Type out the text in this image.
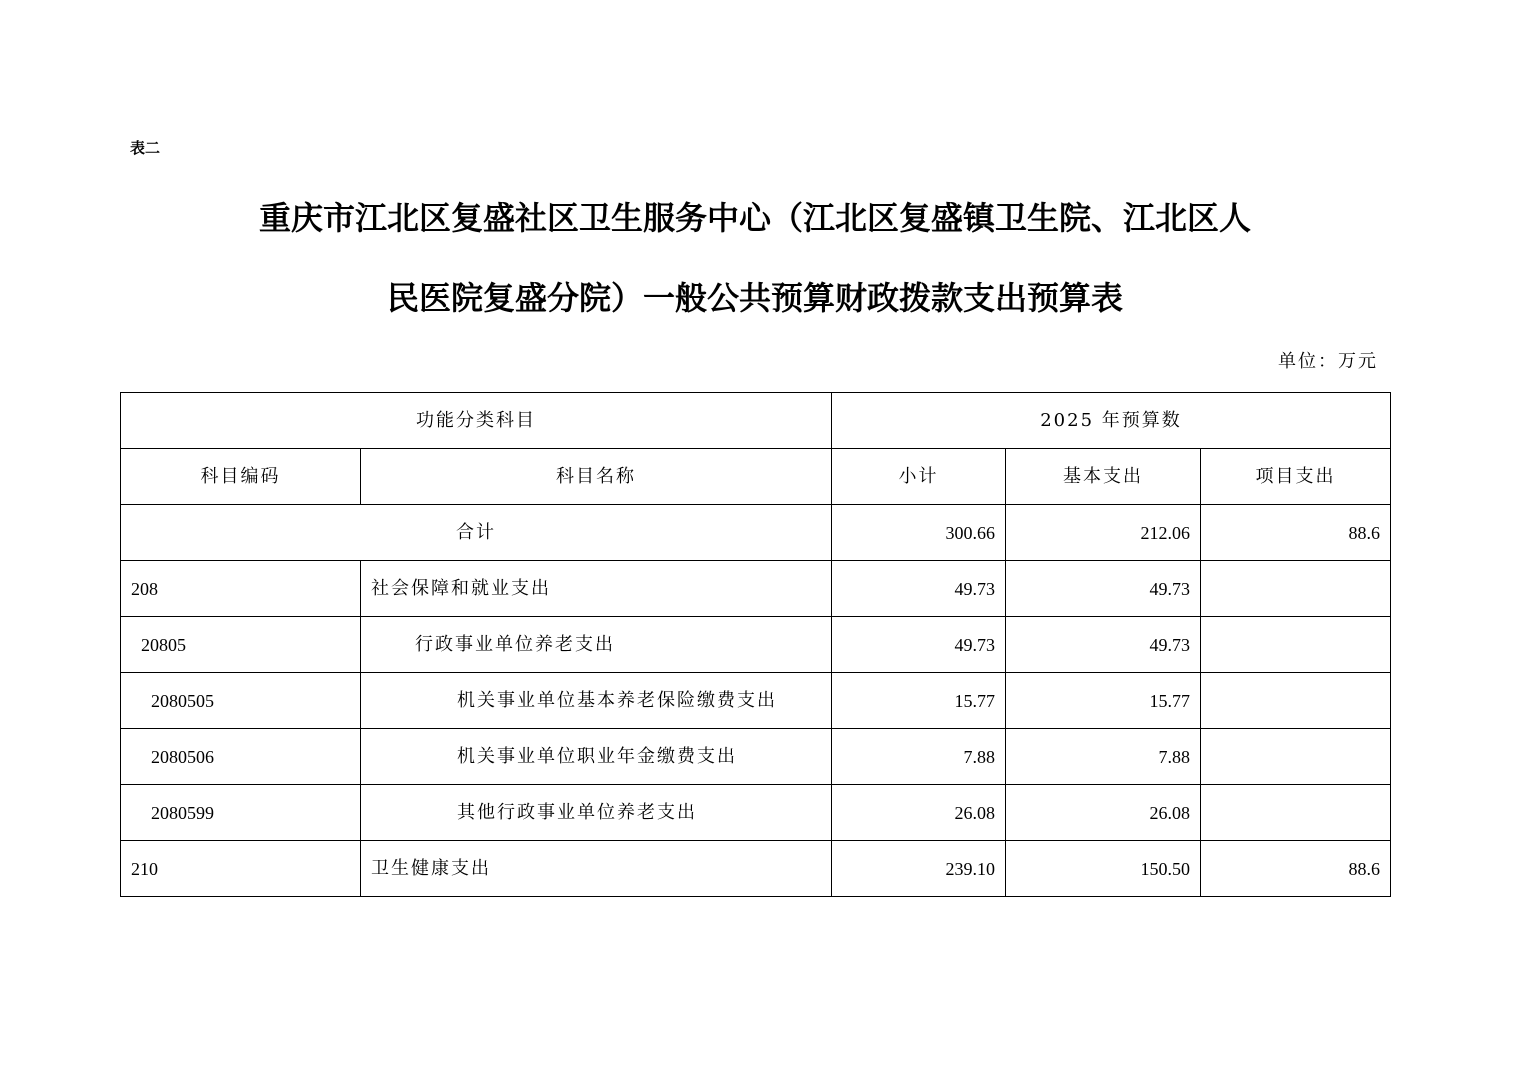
表二

重庆市江北区复盛社区卫生服务中心（江北区复盛镇卫生院、江北区人
民医院复盛分院）一般公共预算财政拨款支出预算表
单位：万元
功能分类科目		2025 年预算数		
科目编码	科目名称	小计	基本支出	项目支出
合计		300.66	212.06	88.6
208	社会保障和就业支出	49.73	49.73	
20805	行政事业单位养老支出	49.73	49.73	
2080505	机关事业单位基本养老保险缴费支出	15.77	15.77	
2080506	机关事业单位职业年金缴费支出	7.88	7.88	
2080599	其他行政事业单位养老支出	26.08	26.08	
210	卫生健康支出	239.10	150.50	88.6
